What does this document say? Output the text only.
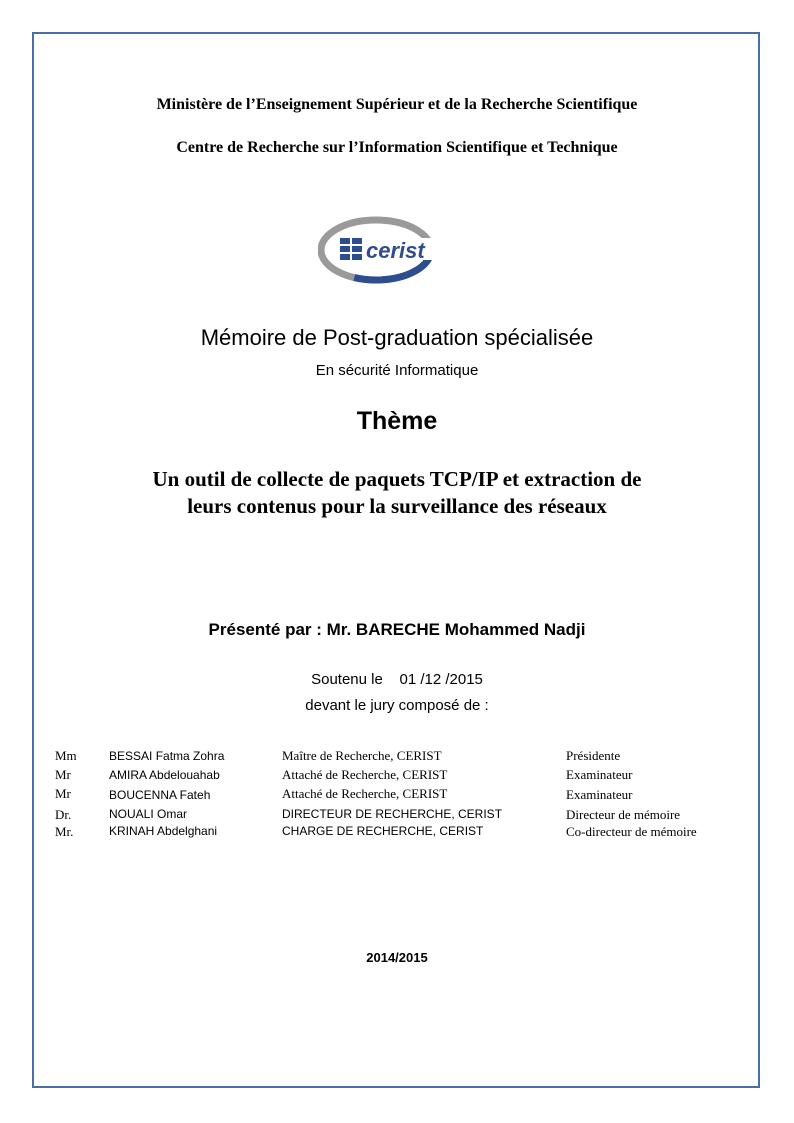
Ministère de l’Enseignement Supérieur et de la Recherche Scientifique
Centre de Recherche sur l’Information Scientifique et Technique
cerist
Mémoire de Post-graduation spécialisée
En sécurité Informatique
Thème
Un outil de collecte de paquets TCP/IP et extraction de
leurs contenus pour la surveillance des réseaux
Présenté par : Mr. BARECHE Mohammed Nadji
Soutenu le    01 /12 /2015
devant le jury composé de :
Mm	BESSAI Fatma Zohra	Maître de Recherche, CERIST	Présidente
Mr	AMIRA Abdelouahab	Attaché de Recherche, CERIST	Examinateur
Mr	BOUCENNA Fateh	Attaché de Recherche, CERIST	Examinateur
Dr.	NOUALI Omar	DIRECTEUR DE RECHERCHE, CERIST	Directeur de mémoire
Mr.	KRINAH Abdelghani	CHARGE DE RECHERCHE, CERIST	Co-directeur de mémoire
2014/2015
